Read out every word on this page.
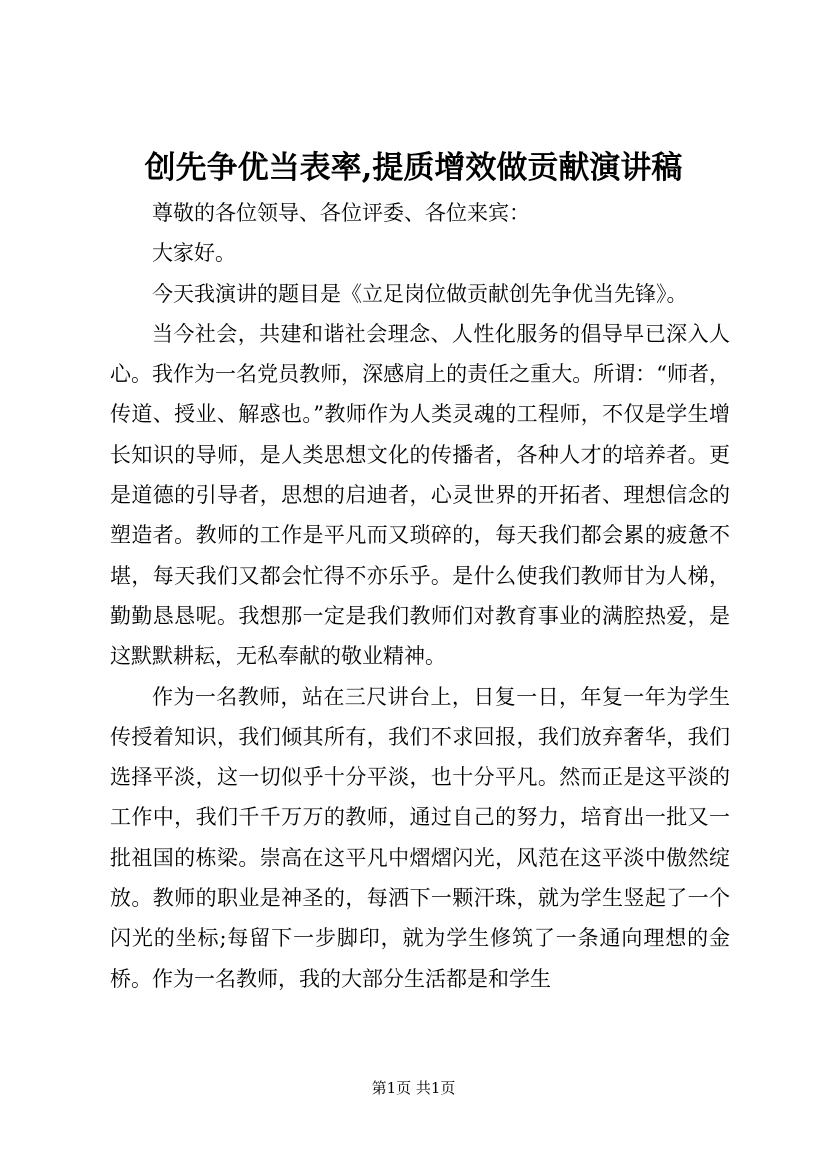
创先争优当表率,提质增效做贡献演讲稿

尊敬的各位领导、各位评委、各位来宾：

大家好。

今天我演讲的题目是《立足岗位做贡献创先争优当先锋》。

当今社会，共建和谐社会理念、人性化服务的倡导早已深入人心。我作为一名党员教师，深感肩上的责任之重大。所谓：“师者，传道、授业、解惑也。”教师作为人类灵魂的工程师，不仅是学生增长知识的导师，是人类思想文化的传播者，各种人才的培养者。更是道德的引导者，思想的启迪者，心灵世界的开拓者、理想信念的塑造者。教师的工作是平凡而又琐碎的，每天我们都会累的疲惫不堪，每天我们又都会忙得不亦乐乎。是什么使我们教师甘为人梯，勤勤恳恳呢。我想那一定是我们教师们对教育事业的满腔热爱，是这默默耕耘，无私奉献的敬业精神。

作为一名教师，站在三尺讲台上，日复一日，年复一年为学生传授着知识，我们倾其所有，我们不求回报，我们放弃奢华，我们选择平淡，这一切似乎十分平淡，也十分平凡。然而正是这平淡的工作中，我们千千万万的教师，通过自己的努力，培育出一批又一批祖国的栋梁。崇高在这平凡中熠熠闪光，风范在这平淡中傲然绽放。教师的职业是神圣的，每洒下一颗汗珠，就为学生竖起了一个闪光的坐标;每留下一步脚印，就为学生修筑了一条通向理想的金桥。作为一名教师，我的大部分生活都是和学生

第1页 共1页
